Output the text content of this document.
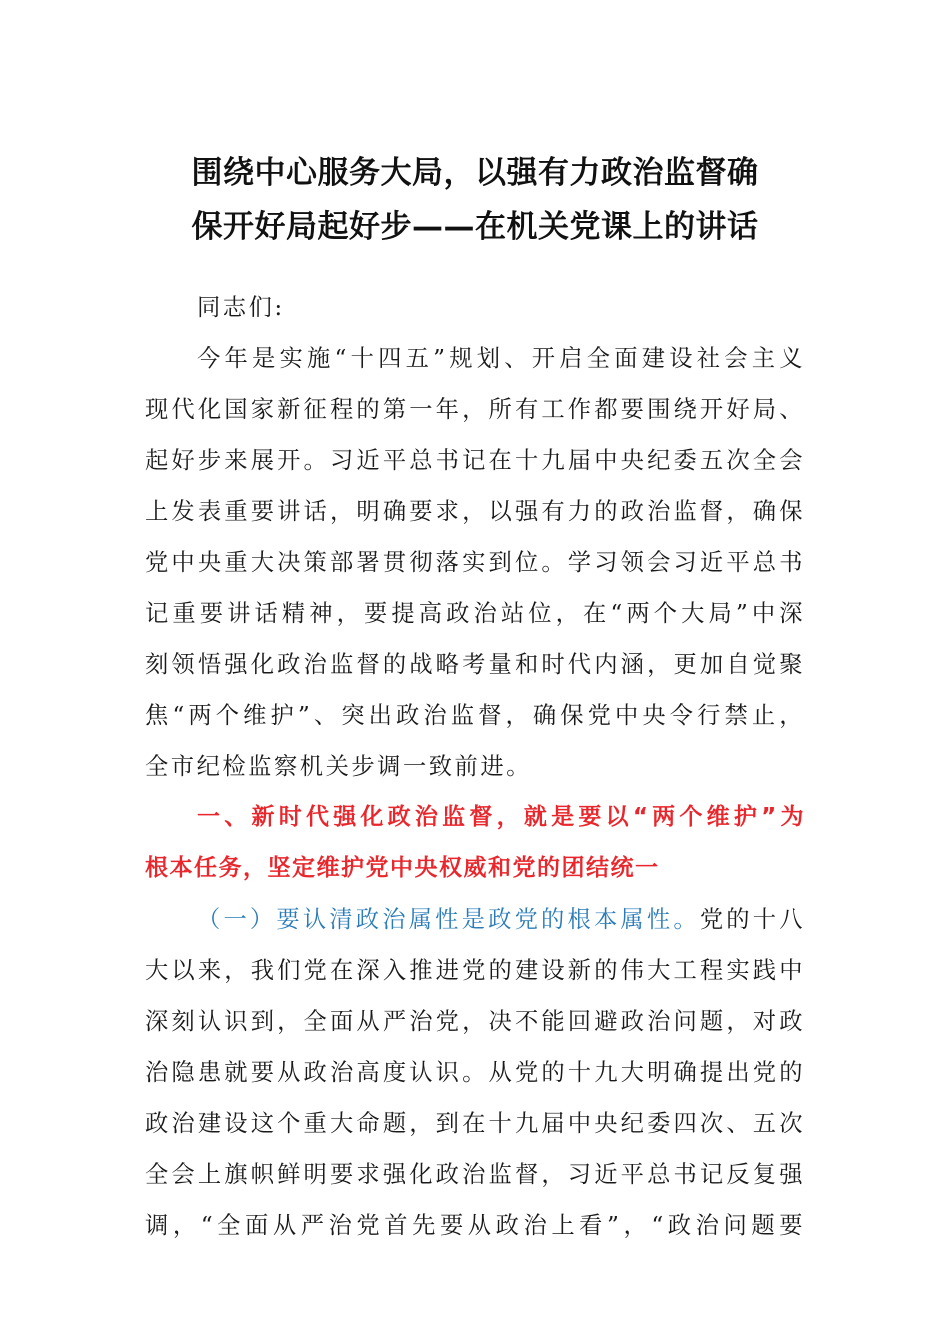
围绕中心服务大局，以强有力政治监督确
保开好局起好步——在机关党课上的讲话
同志们:
今年是实施“十四五”规划、开启全面建设社会主义
现代化国家新征程的第一年，所有工作都要围绕开好局、
起好步来展开。习近平总书记在十九届中央纪委五次全会
上发表重要讲话，明确要求，以强有力的政治监督，确保
党中央重大决策部署贯彻落实到位。学习领会习近平总书
记重要讲话精神，要提高政治站位，在“两个大局”中深
刻领悟强化政治监督的战略考量和时代内涵，更加自觉聚
焦“两个维护”、突出政治监督，确保党中央令行禁止，
全市纪检监察机关步调一致前进。
一、新时代强化政治监督，就是要以“两个维护”为
根本任务，坚定维护党中央权威和党的团结统一
（一）要认清政治属性是政党的根本属性。党的十八
大以来，我们党在深入推进党的建设新的伟大工程实践中
深刻认识到，全面从严治党，决不能回避政治问题，对政
治隐患就要从政治高度认识。从党的十九大明确提出党的
政治建设这个重大命题，到在十九届中央纪委四次、五次
全会上旗帜鲜明要求强化政治监督，习近平总书记反复强
调，“全面从严治党首先要从政治上看”，“政治问题要
